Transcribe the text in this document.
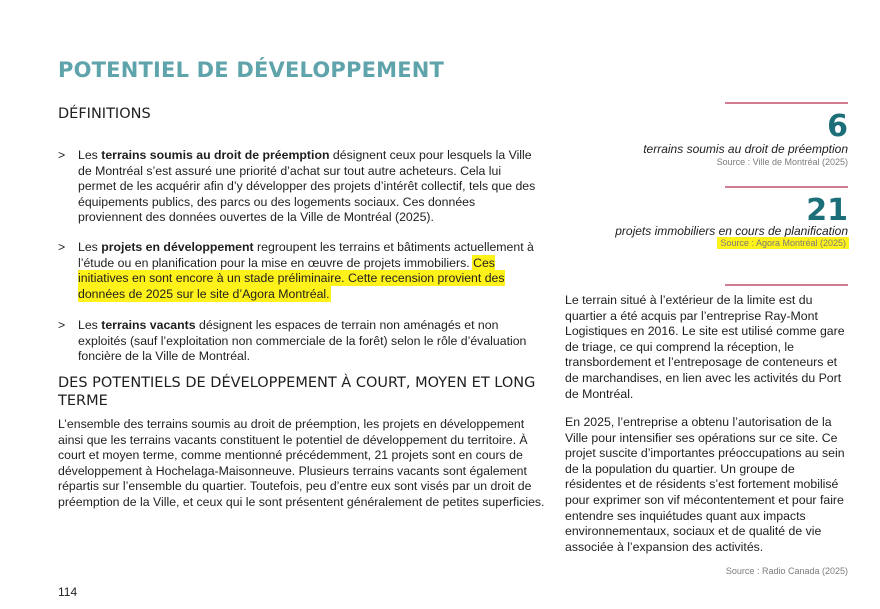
POTENTIEL DE DÉVELOPPEMENT
DÉFINITIONS
> Les terrains soumis au droit de préemption désignent ceux pour lesquels la Ville de Montréal s’est assuré une priorité d’achat sur tout autre acheteurs. Cela lui permet de les acquérir afin d’y développer des projets d’intérêt collectif, tels que des équipements publics, des parcs ou des logements sociaux. Ces données proviennent des données ouvertes de la Ville de Montréal (2025).
> Les projets en développement regroupent les terrains et bâtiments actuellement à l’étude ou en planification pour la mise en œuvre de projets immobiliers. Ces initiatives en sont encore à un stade préliminaire. Cette recension provient des données de 2025 sur le site d’Agora Montréal.
> Les terrains vacants désignent les espaces de terrain non aménagés et non exploités (sauf l’exploitation non commerciale de la forêt) selon le rôle d’évaluation foncière de la Ville de Montréal.
DES POTENTIELS DE DÉVELOPPEMENT À COURT, MOYEN ET LONG TERME
L’ensemble des terrains soumis au droit de préemption, les projets en développement ainsi que les terrains vacants constituent le potentiel de développement du territoire. À court et moyen terme, comme mentionné précédemment, 21 projets sont en cours de développement à Hochelaga-Maisonneuve. Plusieurs terrains vacants sont également répartis sur l’ensemble du quartier. Toutefois, peu d’entre eux sont visés par un droit de préemption de la Ville, et ceux qui le sont présentent généralement de petites superficies.
114
6
terrains soumis au droit de préemption
Source : Ville de Montréal (2025)
21
projets immobiliers en cours de planification
Source : Agora Montréal (2025)
Le terrain situé à l’extérieur de la limite est du quartier a été acquis par l’entreprise Ray-Mont Logistiques en 2016. Le site est utilisé comme gare de triage, ce qui comprend la réception, le transbordement et l’entreposage de conteneurs et de marchandises, en lien avec les activités du Port de Montréal.
En 2025, l’entreprise a obtenu l’autorisation de la Ville pour intensifier ses opérations sur ce site. Ce projet suscite d’importantes préoccupations au sein de la population du quartier. Un groupe de résidentes et de résidents s’est fortement mobilisé pour exprimer son vif mécontentement et pour faire entendre ses inquiétudes quant aux impacts environnementaux, sociaux et de qualité de vie associée à l’expansion des activités.
Source : Radio Canada (2025)
